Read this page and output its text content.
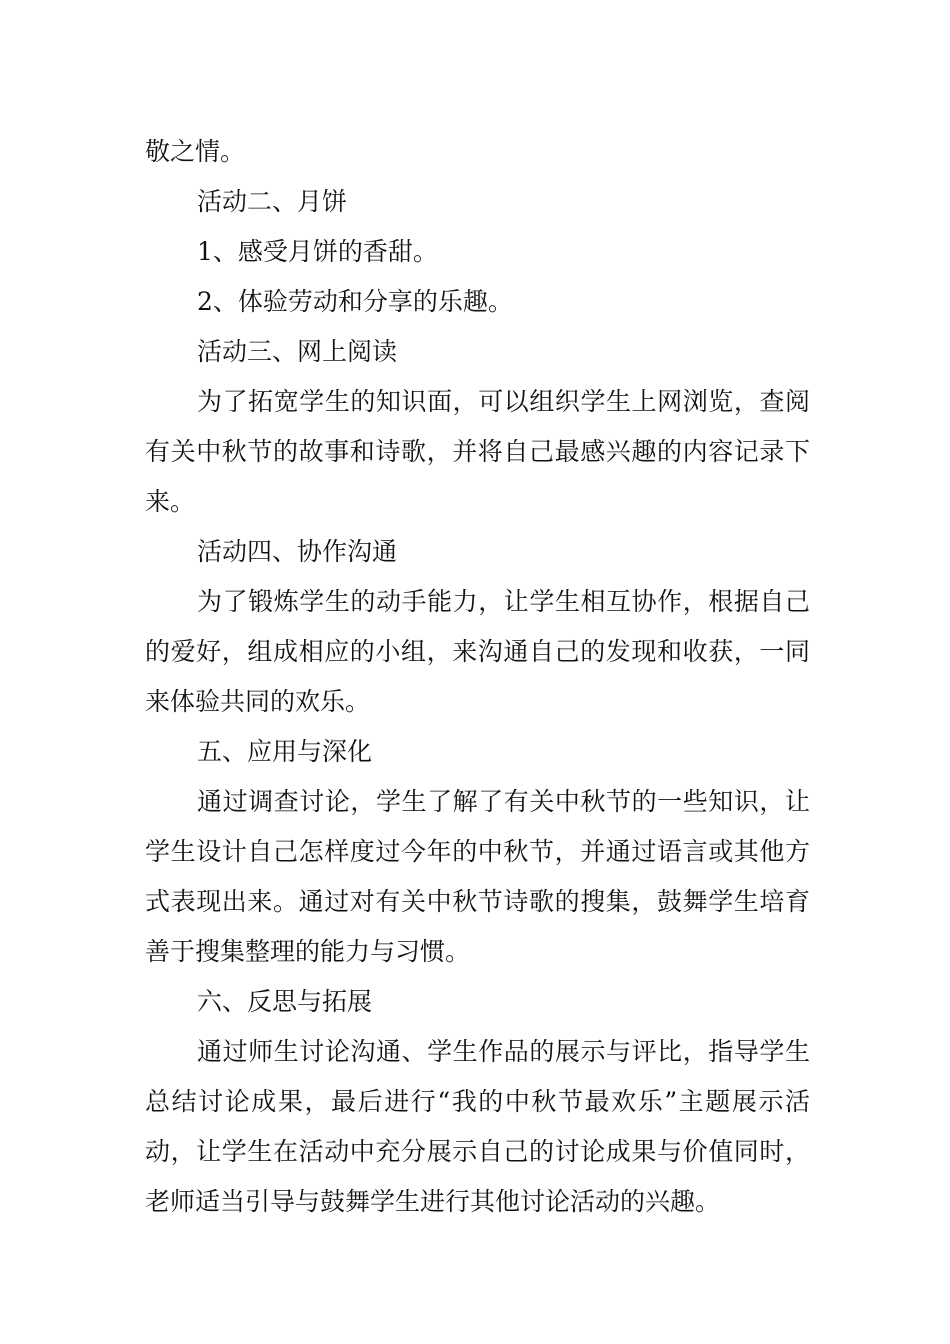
敬之情。

活动二、月饼

1、感受月饼的香甜。

2、体验劳动和分享的乐趣。

活动三、网上阅读

为了拓宽学生的知识面，可以组织学生上网浏览，查阅有关中秋节的故事和诗歌，并将自己最感兴趣的内容记录下来。

活动四、协作沟通

为了锻炼学生的动手能力，让学生相互协作，根据自己的爱好，组成相应的小组，来沟通自己的发现和收获，一同来体验共同的欢乐。

五、应用与深化

通过调查讨论，学生了解了有关中秋节的一些知识，让学生设计自己怎样度过今年的中秋节，并通过语言或其他方式表现出来。通过对有关中秋节诗歌的搜集，鼓舞学生培育善于搜集整理的能力与习惯。

六、反思与拓展

通过师生讨论沟通、学生作品的展示与评比，指导学生总结讨论成果，最后进行“我的中秋节最欢乐”主题展示活动，让学生在活动中充分展示自己的讨论成果与价值同时，老师适当引导与鼓舞学生进行其他讨论活动的兴趣。
